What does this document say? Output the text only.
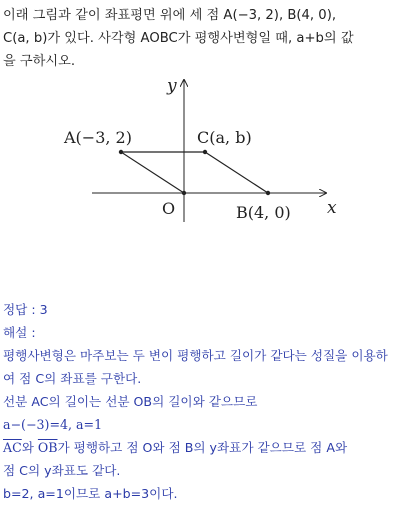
이래 그림과 같이 좌표평면 위에 세 점 A(−3, 2), B(4, 0),

C(a, b)가 있다. 사각형 AOBC가 평행사변형일 때, a+b의 값

을 구하시오.

y
x
O
A(−3, 2)	C(a, b)
B(4, 0)

정답 : 3

해설 :

평행사변형은 마주보는 두 변이 평행하고 길이가 같다는 성질을 이용하

여 점 C의 좌표를 구한다.

선분 AC의 길이는 선분 OB의 길이와 같으므로

a−(−3)=4, a=1

$\overline{AC}$와 $\overline{OB}$가 평행하고 점 O와 점 B의 y좌표가 같으므로 점 A와

점 C의 y좌표도 같다.

b=2, a=1이므로 a+b=3이다.
